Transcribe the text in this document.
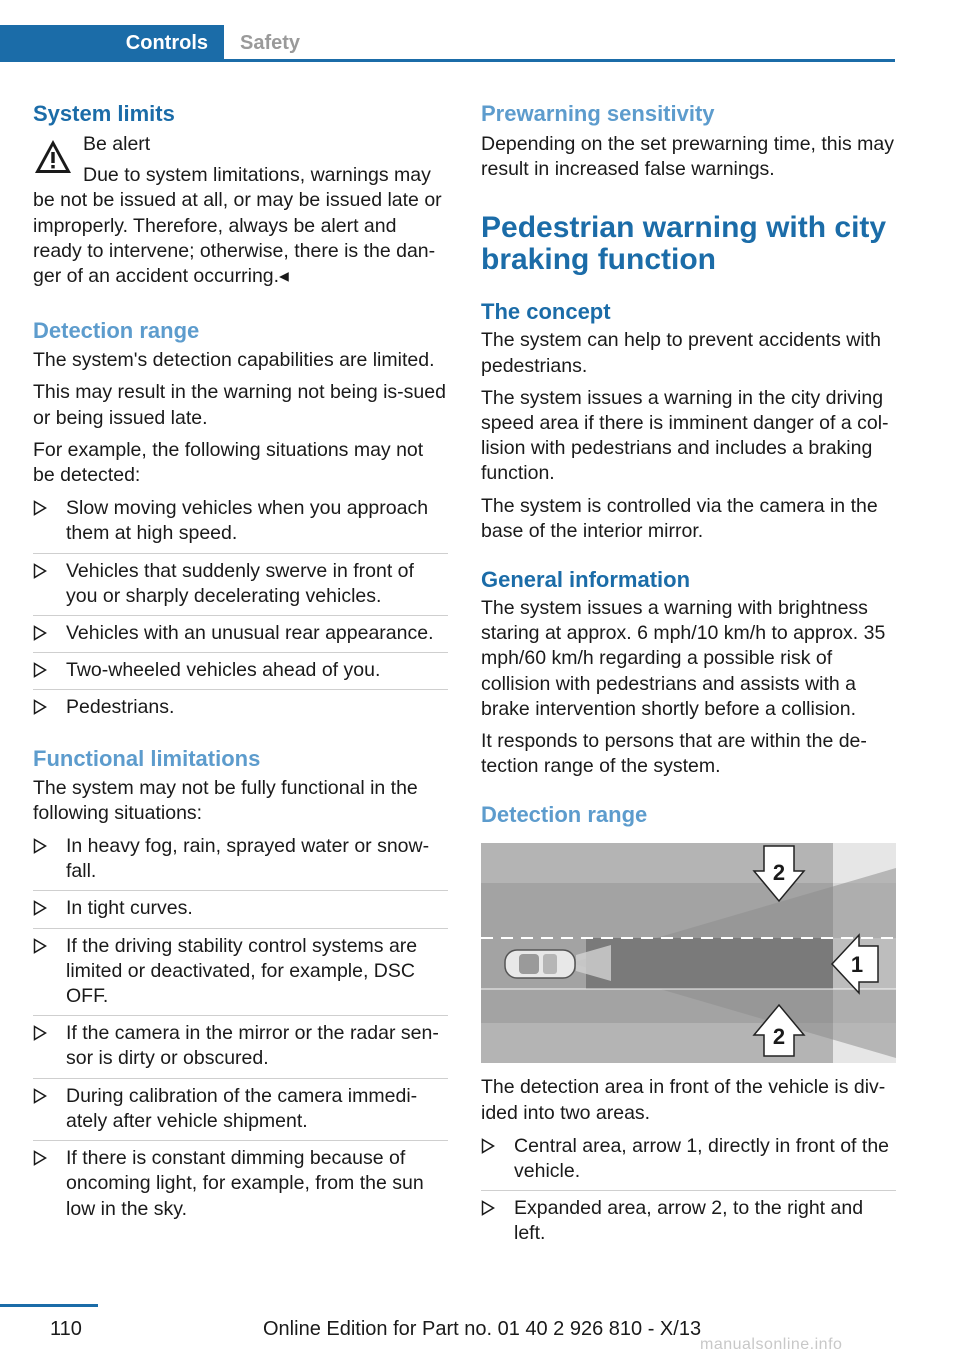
Controls	Safety
System limits

Be alert

Due to system limitations, warnings may

be not be issued at all, or may be issued late or improperly. Therefore, always be alert and ready to intervene; otherwise, there is the dan-ger of an accident occurring.◂

Detection range

The system's detection capabilities are limited.

This may result in the warning not being is-sued or being issued late.

For example, the following situations may not be detected:

Slow moving vehicles when you approach them at high speed.
Vehicles that suddenly swerve in front of you or sharply decelerating vehicles.
Vehicles with an unusual rear appearance.
Two-wheeled vehicles ahead of you.
Pedestrians.
Functional limitations

The system may not be fully functional in the following situations:

In heavy fog, rain, sprayed water or snow-fall.
In tight curves.
If the driving stability control systems are limited or deactivated, for example, DSC OFF.
If the camera in the mirror or the radar sen-sor is dirty or obscured.
During calibration of the camera immedi-ately after vehicle shipment.
If there is constant dimming because of oncoming light, for example, from the sun low in the sky.
Prewarning sensitivity

Depending on the set prewarning time, this may result in increased false warnings.

Pedestrian warning with city braking function
The concept

The system can help to prevent accidents with pedestrians.

The system issues a warning in the city driving speed area if there is imminent danger of a col-lision with pedestrians and includes a braking function.

The system is controlled via the camera in the base of the interior mirror.

General information

The system issues a warning with brightness staring at approx. 6 mph/10 km/h to approx. 35 mph/60 km/h regarding a possible risk of collision with pedestrians and assists with a brake intervention shortly before a collision.

It responds to persons that are within the de-tection range of the system.

Detection range
1
2
2

The detection area in front of the vehicle is div-ided into two areas.

Central area, arrow 1, directly in front of the vehicle.
Expanded area, arrow 2, to the right and left.
110	Online Edition for Part no. 01 40 2 926 810 - X/13
manualsonline.info
